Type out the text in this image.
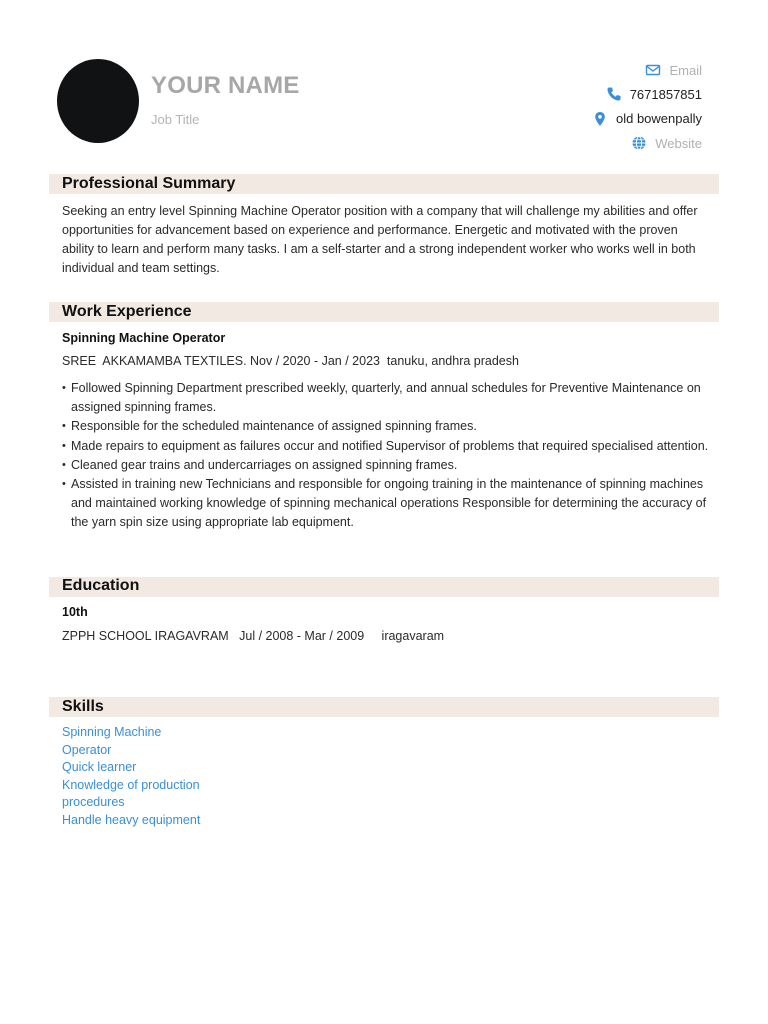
YOUR NAME
Job Title
Email
7671857851
old bowenpally
Website
Professional Summary
Seeking an entry level Spinning Machine Operator position with a company that will challenge my abilities and offer opportunities for advancement based on experience and performance. Energetic and motivated with the proven ability to learn and perform many tasks. I am a self-starter and a strong independent worker who works well in both individual and team settings.
Work Experience
Spinning Machine Operator
SREE  AKKAMAMBA TEXTILES. Nov / 2020 - Jan / 2023  tanuku, andhra pradesh
• Followed Spinning Department prescribed weekly, quarterly, and annual schedules for Preventive Maintenance on assigned spinning frames.
• Responsible for the scheduled maintenance of assigned spinning frames.
• Made repairs to equipment as failures occur and notified Supervisor of problems that required specialised attention.
• Cleaned gear trains and undercarriages on assigned spinning frames.
• Assisted in training new Technicians and responsible for ongoing training in the maintenance of spinning machines and maintained working knowledge of spinning mechanical operations Responsible for determining the accuracy of the yarn spin size using appropriate lab equipment.
Education
10th
ZPPH SCHOOL IRAGAVRAM   Jul / 2008 - Mar / 2009     iragavaram
Skills
Spinning Machine Operator
Quick learner
Knowledge of production procedures
Handle heavy equipment
